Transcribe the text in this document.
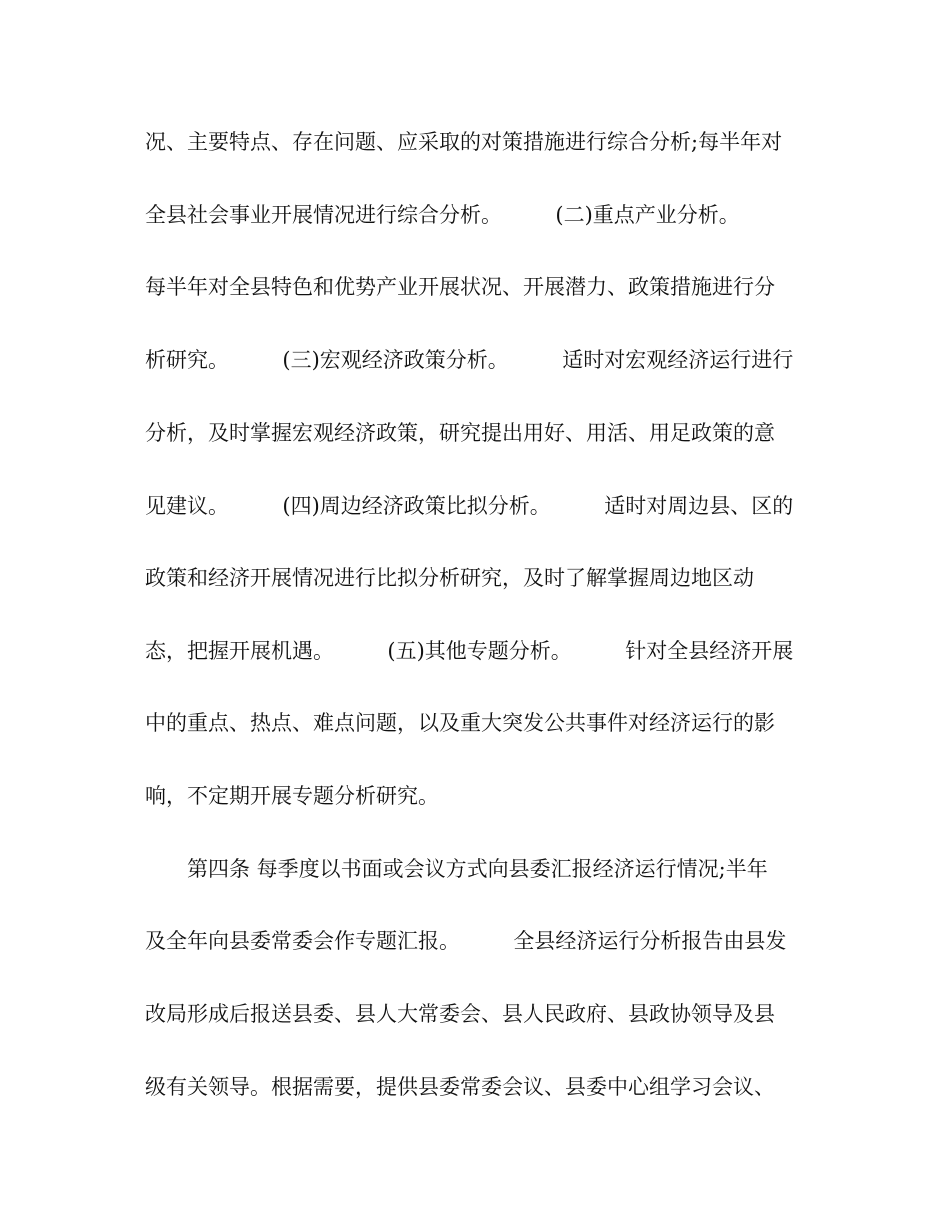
况、主要特点、存在问题、应采取的对策措施进行综合分析;每半年对
全县社会事业开展情况进行综合分析。        (二)重点产业分析。
每半年对全县特色和优势产业开展状况、开展潜力、政策措施进行分
析研究。        (三)宏观经济政策分析。        适时对宏观经济运行进行
分析，及时掌握宏观经济政策，研究提出用好、用活、用足政策的意
见建议。        (四)周边经济政策比拟分析。        适时对周边县、区的
政策和经济开展情况进行比拟分析研究，及时了解掌握周边地区动
态，把握开展机遇。        (五)其他专题分析。        针对全县经济开展
中的重点、热点、难点问题，以及重大突发公共事件对经济运行的影
响，不定期开展专题分析研究。
第四条 每季度以书面或会议方式向县委汇报经济运行情况;半年
及全年向县委常委会作专题汇报。        全县经济运行分析报告由县发
改局形成后报送县委、县人大常委会、县人民政府、县政协领导及县
级有关领导。根据需要，提供县委常委会议、县委中心组学习会议、
